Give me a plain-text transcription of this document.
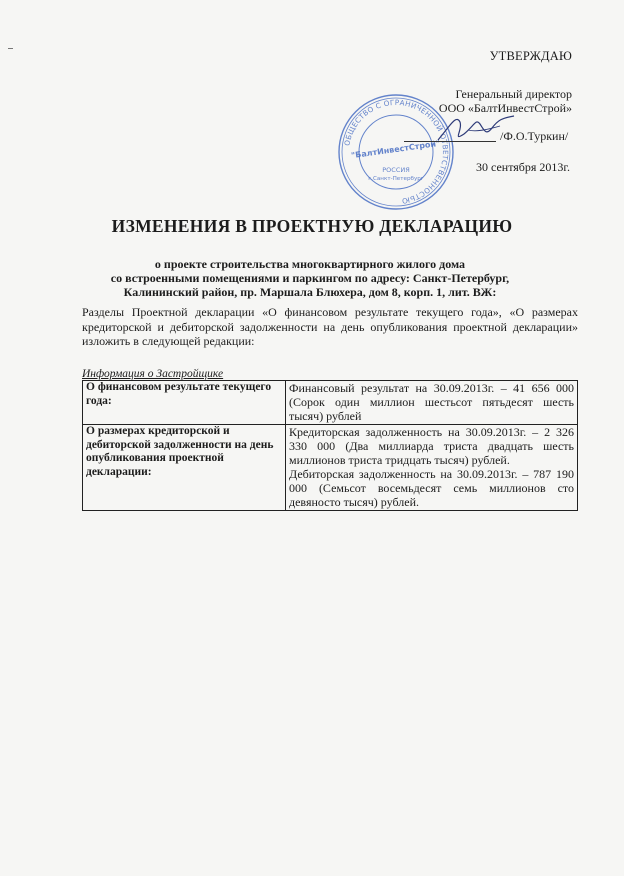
УТВЕРЖДАЮ
Генеральный директор
ООО «БалтИнвестСтрой»
ОБЩЕСТВО С ОГРАНИЧЕННОЙ ОТВЕТСТВЕННОСТЬЮ
"БалтИнвестСтрой"
РОССИЯ
г.Санкт-Петербург
/Ф.О.Туркин/
30 сентября 2013г.
ИЗМЕНЕНИЯ В ПРОЕКТНУЮ ДЕКЛАРАЦИЮ
о проекте строительства многоквартирного жилого дома
со встроенными помещениями и паркингом по адресу: Санкт-Петербург,
Калининский район, пр. Маршала Блюхера, дом 8, корп. 1, лит. ВЖ:
Разделы Проектной декларации «О финансовом результате текущего года», «О размерах кредиторской и дебиторской задолженности на день опубликования проектной декларации» изложить в следующей редакции:
Информация о Застройщике
О финансовом результате текущего года:	Финансовый результат на 30.09.2013г. – 41 656 000 (Сорок один миллион шестьсот пятьдесят шесть тысяч) рублей

О размерах кредиторской и дебиторской задолженности на день опубликования проектной декларации:	Кредиторская задолженность на 30.09.2013г. – 2 326 330 000 (Два миллиарда триста двадцать шесть миллионов триста тридцать тысяч) рублей.
Дебиторская задолженность на 30.09.2013г. – 787 190 000 (Семьсот восемьдесят семь миллионов сто девяносто тысяч) рублей.
